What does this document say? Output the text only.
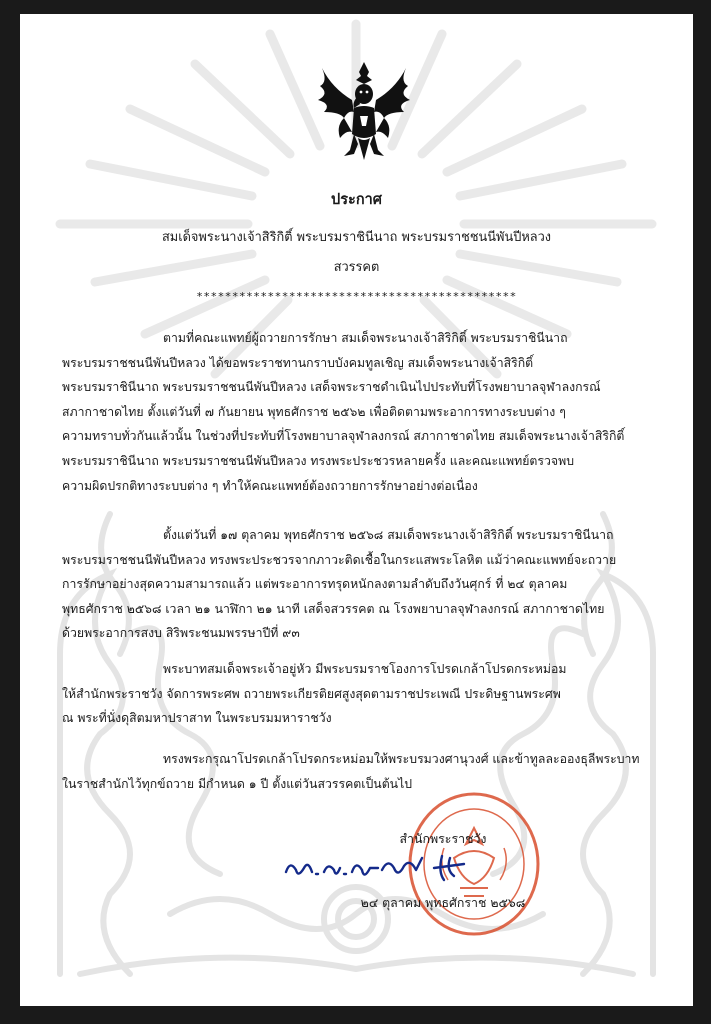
ประกาศ

สมเด็จพระนางเจ้าสิริกิติ์ พระบรมราชินีนาถ พระบรมราชชนนีพันปีหลวง

สวรรคต

*********************************************

ตามที่คณะแพทย์ผู้ถวายการรักษา สมเด็จพระนางเจ้าสิริกิติ์ พระบรมราชินีนาถ
พระบรมราชชนนีพันปีหลวง ได้ขอพระราชทานกราบบังคมทูลเชิญ สมเด็จพระนางเจ้าสิริกิติ์
พระบรมราชินีนาถ พระบรมราชชนนีพันปีหลวง เสด็จพระราชดำเนินไปประทับที่โรงพยาบาลจุฬาลงกรณ์
สภากาชาดไทย ตั้งแต่วันที่ ๗ กันยายน พุทธศักราช ๒๕๖๒ เพื่อติดตามพระอาการทางระบบต่าง ๆ
ความทราบทั่วกันแล้วนั้น ในช่วงที่ประทับที่โรงพยาบาลจุฬาลงกรณ์ สภากาชาดไทย สมเด็จพระนางเจ้าสิริกิติ์
พระบรมราชินีนาถ พระบรมราชชนนีพันปีหลวง ทรงพระประชวรหลายครั้ง และคณะแพทย์ตรวจพบ
ความผิดปรกติทางระบบต่าง ๆ ทำให้คณะแพทย์ต้องถวายการรักษาอย่างต่อเนื่อง
ตั้งแต่วันที่ ๑๗ ตุลาคม พุทธศักราช ๒๕๖๘ สมเด็จพระนางเจ้าสิริกิติ์ พระบรมราชินีนาถ
พระบรมราชชนนีพันปีหลวง ทรงพระประชวรจากภาวะติดเชื้อในกระแสพระโลหิต แม้ว่าคณะแพทย์จะถวาย
การรักษาอย่างสุดความสามารถแล้ว แต่พระอาการทรุดหนักลงตามลำดับถึงวันศุกร์ ที่ ๒๔ ตุลาคม
พุทธศักราช ๒๕๖๘ เวลา ๒๑ นาฬิกา ๒๑ นาที เสด็จสวรรคต ณ โรงพยาบาลจุฬาลงกรณ์ สภากาชาดไทย
ด้วยพระอาการสงบ สิริพระชนมพรรษาปีที่ ๙๓
พระบาทสมเด็จพระเจ้าอยู่หัว มีพระบรมราชโองการโปรดเกล้าโปรดกระหม่อม
ให้สำนักพระราชวัง จัดการพระศพ ถวายพระเกียรติยศสูงสุดตามราชประเพณี ประดิษฐานพระศพ
ณ พระที่นั่งดุสิตมหาปราสาท ในพระบรมมหาราชวัง
ทรงพระกรุณาโปรดเกล้าโปรดกระหม่อมให้พระบรมวงศานุวงศ์ และข้าทูลละอองธุลีพระบาท
ในราชสำนักไว้ทุกข์ถวาย มีกำหนด ๑ ปี ตั้งแต่วันสวรรคตเป็นต้นไป

สำนักพระราชวัง

๒๔ ตุลาคม พุทธศักราช ๒๕๖๘
